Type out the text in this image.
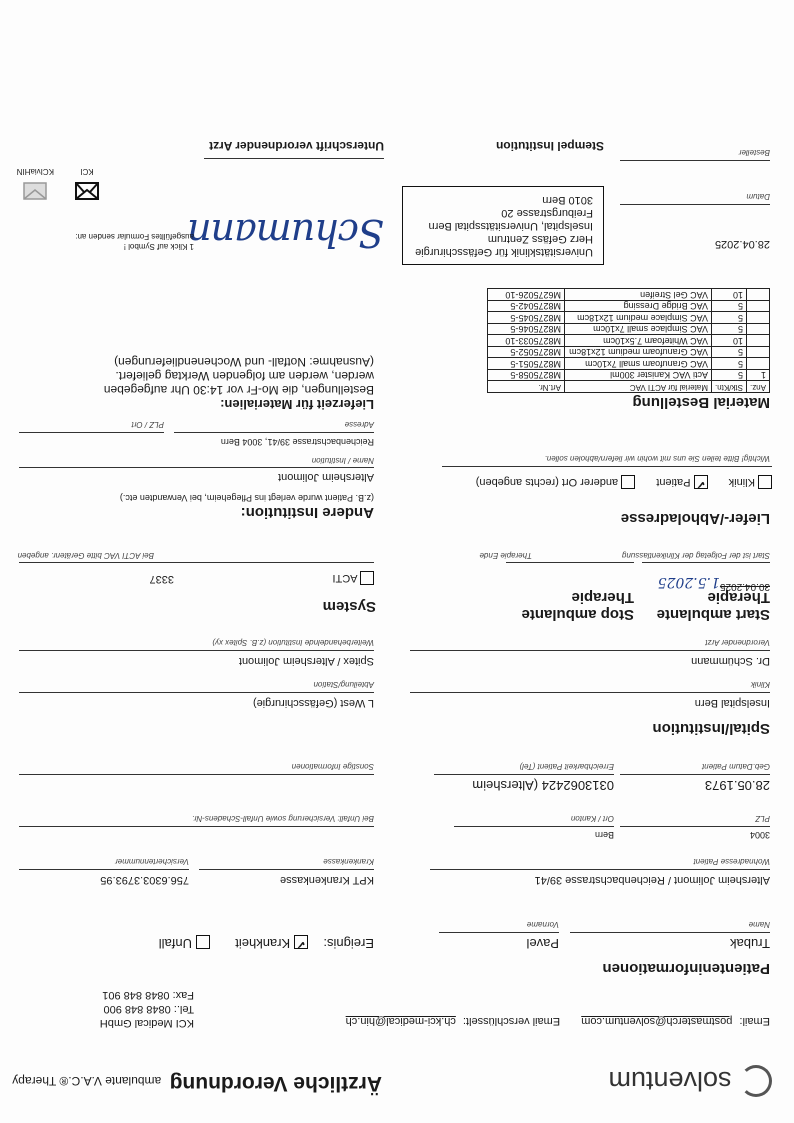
solventum
Ärztliche Verordnung ambulante V.A.C.® Therapy
Email: postmasterch@solventum.com Email verschlüsselt: ch.kci-medical@hin.ch
KCI Medical GmbH
Tel.: 0848 848 900
Fax: 0848 848 901
Patienteninformationen
Trubak
Name
Pavel
Vorname
Ereignis: ✔ Krankheit  Unfall
Altersheim Jolimont / Reichenbachstrasse 39/41
Wohnadresse Patient
KPT Krankenkasse
Krankenkasse
756.6303.3793.95
Versichertennummer
3004
Bern
PLZ
Ort / Kanton
Bei Unfall: Versicherung sowie Unfall-Schadens-Nr.
28.05.1973
0313062424 (Altersheim
Geb.Datum Patient
Erreichbarkeit Patient (Tel)
Sonstige Informationen
Spital/Institution
Inselspital Bern
Klinik
L West (Gefässchirurgie)
Abteilung/Station
Dr. Schümmann
Verordnender Arzt
Spitex / Altersheim Jolimont
Weiterbehandelnde Institution (z.B. Spitex xy)
Start ambulante Therapie
Stop ambulante Therapie
System
30.04.2025
1.5.2025
Start ist der Folgetag der Klinikentlassung
Therapie Ende
ACTI
3337
Bei ACTI VAC bitte Gerätenr. angeben
Liefer-/Abholadresse
Klinik ✔ Patient  anderer Ort (rechts angeben)
Wichtig! Bitte teilen Sie uns mit wohin wir liefern/abholen sollen.
Andere Institution:
(z.B. Patient wurde verlegt ins Pflegeheim, bei Verwandten etc.)
Altersheim Jolimont
Name / Institution
Reichenbachstrasse 39/41, 3004 Bern
Adresse
PLZ / Ort
Material Bestellung
Anz.	Stk/Ktn.	Material für ACTI VAC	Art.Nr.
1	5	Acti VAC Kanister 300ml	M8275058-5
	5	VAC Granufoam small 7x10cm	M8275051-5
	5	VAC Granufoam medium 12x18cm	M8275052-5
	10	VAC Whitefoam 7.5x10cm	M8275033-10
	5	VAC Simplace small 7x10cm	M8275046-5
	5	VAC Simplace medium 12x18cm	M8275045-5
	5	VAC Bridge Dressing	M8275042-5
	10	VAC Gel Streifen	M6275026-10
Lieferzeit für Materialien:
Bestellungen, die Mo-Fr vor 14:30 Uhr aufgegeben
werden, werden am folgenden Werktag geliefert.
(Ausnahme: Notfall- und Wochenendlieferungen)
28.04.2025
Datum
Besteller
Universitätsklinik für Gefässchirurgie
Herz Gefäss Zentrum
Inselspital, Universitätsspital Bern
Freiburgstrasse 20
3010 Bern
Stempel Institution
Schumann
Unterschrift verordnender Arzt
1 Klick auf Symbol !
ausgefülltes Formular senden an:
KCI
KCIviaHIN
